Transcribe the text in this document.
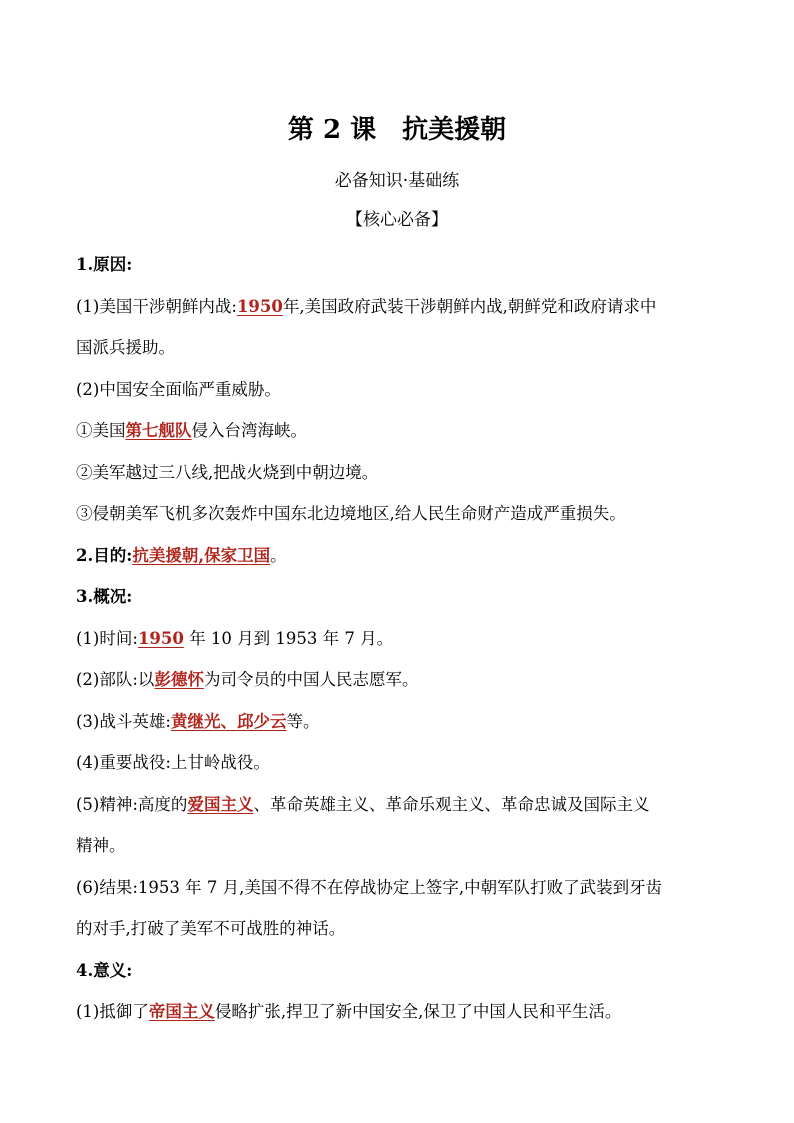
第 2 课　抗美援朝
必备知识·基础练
【核心必备】
1.原因:
(1)美国干涉朝鲜内战:1950年,美国政府武装干涉朝鲜内战,朝鲜党和政府请求中
国派兵援助。
(2)中国安全面临严重威胁。
①美国第七舰队侵入台湾海峡。
②美军越过三八线,把战火烧到中朝边境。
③侵朝美军飞机多次轰炸中国东北边境地区,给人民生命财产造成严重损失。
2.目的:抗美援朝,保家卫国。
3.概况:
(1)时间:1950 年 10 月到 1953 年 7 月。
(2)部队:以彭德怀为司令员的中国人民志愿军。
(3)战斗英雄:黄继光、邱少云等。
(4)重要战役:上甘岭战役。
(5)精神:高度的爱国主义、革命英雄主义、革命乐观主义、革命忠诚及国际主义
精神。
(6)结果:1953 年 7 月,美国不得不在停战协定上签字,中朝军队打败了武装到牙齿
的对手,打破了美军不可战胜的神话。
4.意义:
(1)抵御了帝国主义侵略扩张,捍卫了新中国安全,保卫了中国人民和平生活。
